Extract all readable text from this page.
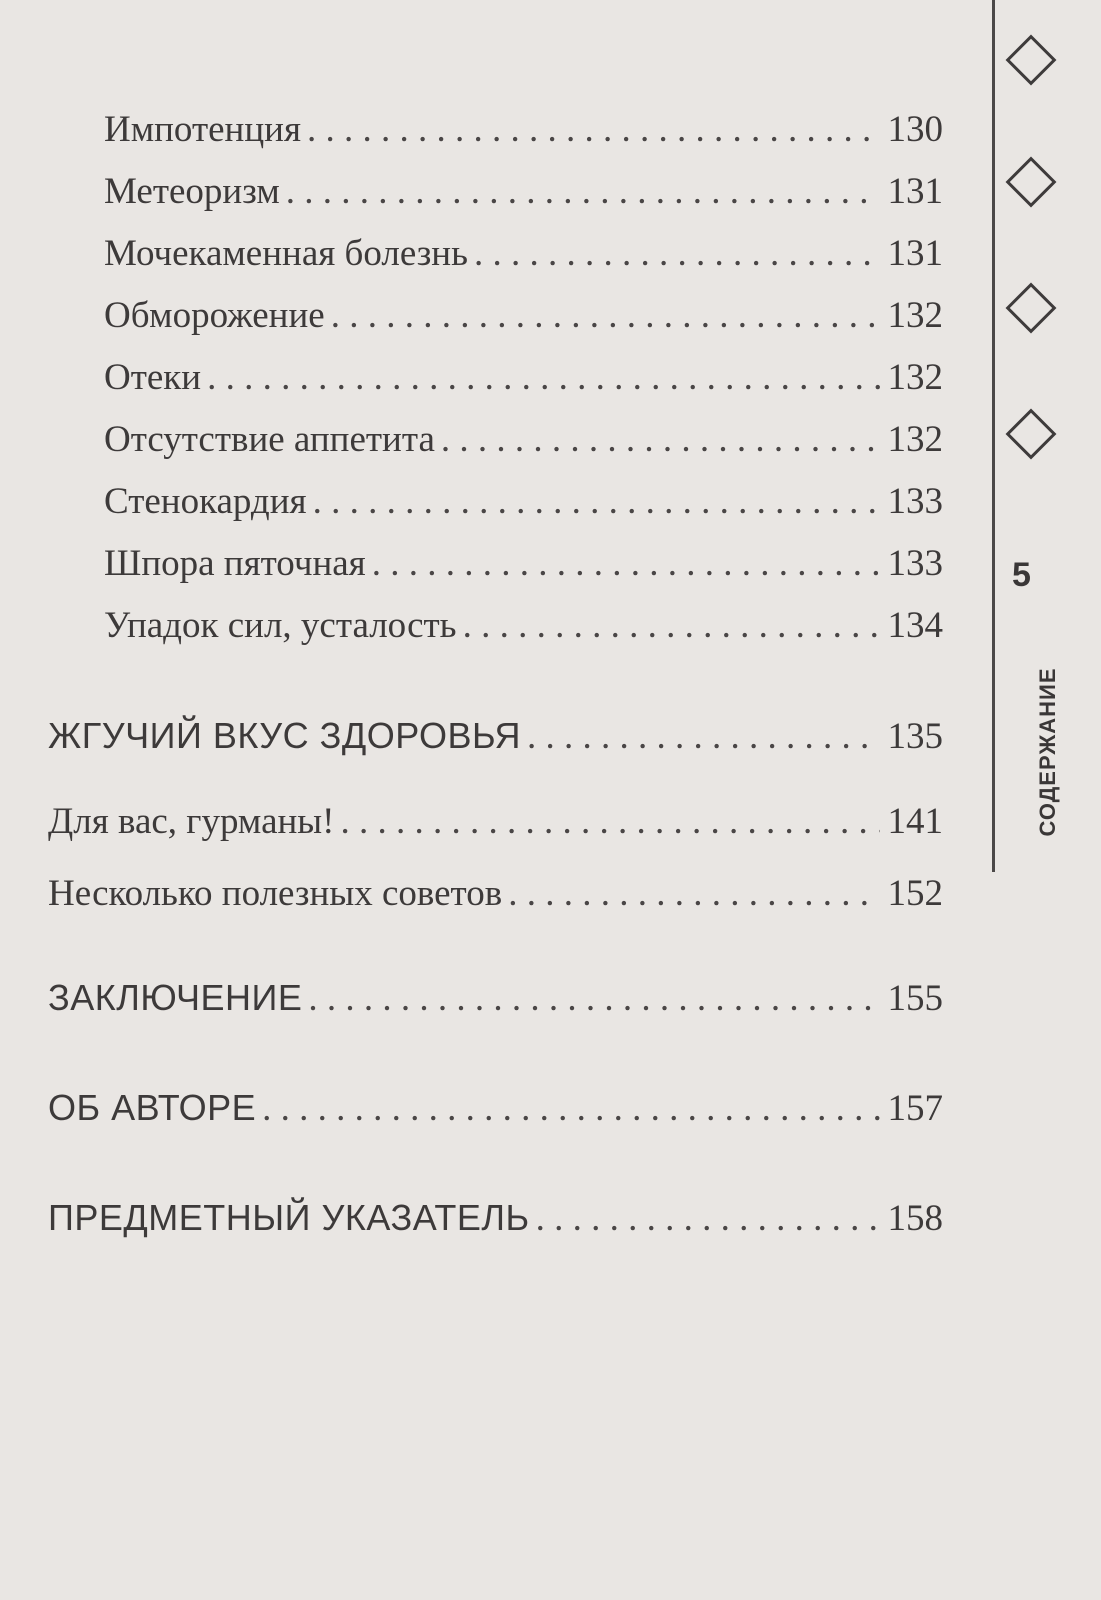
Импотенция . . .	130
Метеоризм . . .	131
Мочекаменная болезнь . . .	131
Обморожение . . .	132
Отеки . . .	132
Отсутствие аппетита . . .	132
Стенокардия . . .	133
Шпора пяточная . . .	133
Упадок сил, усталость . . .	134
ЖГУЧИЙ ВКУС ЗДОРОВЬЯ . . .	135
Для вас, гурманы! . . .	141
Несколько полезных советов . . .	152
ЗАКЛЮЧЕНИЕ . . .	155
ОБ АВТОРЕ . . .	157
ПРЕДМЕТНЫЙ УКАЗАТЕЛЬ . . .	158
5
СОДЕРЖАНИЕ
